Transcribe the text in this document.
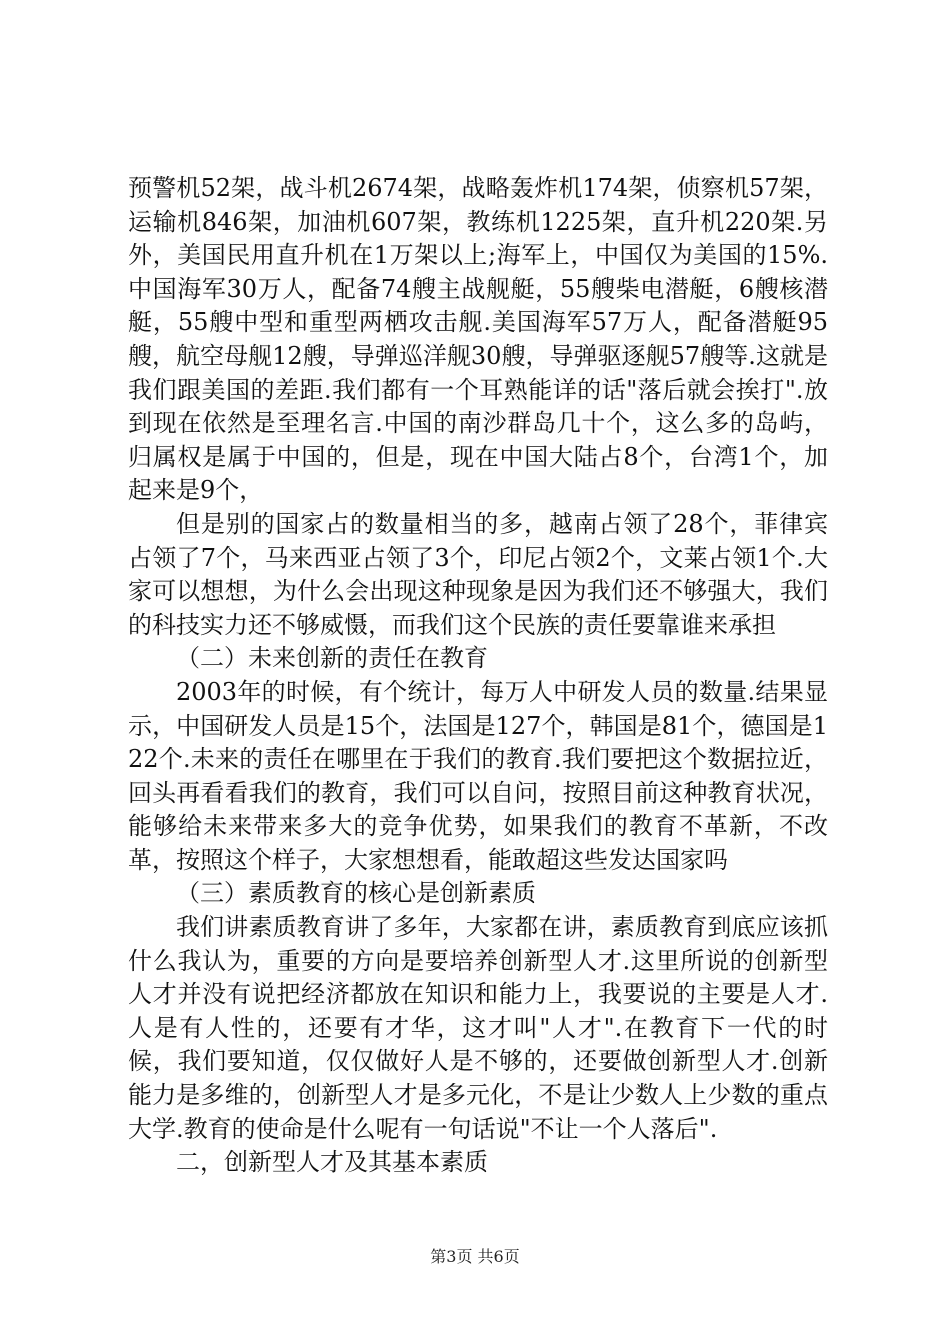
预警机52架，战斗机2674架，战略轰炸机174架，侦察机57架，运输机846架，加油机607架，教练机1225架，直升机220架.另外，美国民用直升机在1万架以上;海军上，中国仅为美国的15%.中国海军30万人，配备74艘主战舰艇，55艘柴电潜艇，6艘核潜艇，55艘中型和重型两栖攻击舰.美国海军57万人，配备潜艇95艘，航空母舰12艘，导弹巡洋舰30艘，导弹驱逐舰57艘等.这就是我们跟美国的差距.我们都有一个耳熟能详的话"落后就会挨打".放到现在依然是至理名言.中国的南沙群岛几十个，这么多的岛屿，归属权是属于中国的，但是，现在中国大陆占8个，台湾1个，加起来是9个，

但是别的国家占的数量相当的多，越南占领了28个，菲律宾占领了7个，马来西亚占领了3个，印尼占领2个，文莱占领1个.大家可以想想，为什么会出现这种现象是因为我们还不够强大，我们的科技实力还不够威慑，而我们这个民族的责任要靠谁来承担

（二）未来创新的责任在教育

2003年的时候，有个统计，每万人中研发人员的数量.结果显示，中国研发人员是15个，法国是127个，韩国是81个，德国是122个.未来的责任在哪里在于我们的教育.我们要把这个数据拉近，回头再看看我们的教育，我们可以自问，按照目前这种教育状况，能够给未来带来多大的竞争优势，如果我们的教育不革新，不改革，按照这个样子，大家想想看，能敢超这些发达国家吗

（三）素质教育的核心是创新素质

我们讲素质教育讲了多年，大家都在讲，素质教育到底应该抓什么我认为，重要的方向是要培养创新型人才.这里所说的创新型人才并没有说把经济都放在知识和能力上，我要说的主要是人才.人是有人性的，还要有才华，这才叫"人才".在教育下一代的时候，我们要知道，仅仅做好人是不够的，还要做创新型人才.创新能力是多维的，创新型人才是多元化，不是让少数人上少数的重点大学.教育的使命是什么呢有一句话说"不让一个人落后".

二，创新型人才及其基本素质

第3页 共6页
